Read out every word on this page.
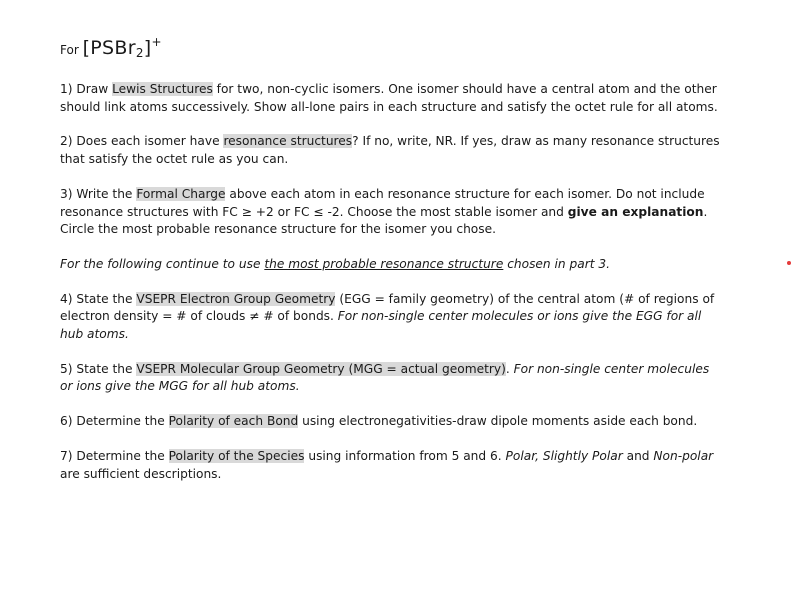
For [PSBr$_2$]+

1) Draw Lewis Structures for two, non-cyclic isomers. One isomer should have a central atom and the other should link atoms successively. Show all-lone pairs in each structure and satisfy the octet rule for all atoms.

2) Does each isomer have resonance structures? If no, write, NR. If yes, draw as many resonance structures that satisfy the octet rule as you can.

3) Write the Formal Charge above each atom in each resonance structure for each isomer. Do not include resonance structures with FC ≥ +2 or FC ≤ -2. Choose the most stable isomer and give an explanation. Circle the most probable resonance structure for the isomer you chose.

For the following continue to use the most probable resonance structure chosen in part 3.

4) State the VSEPR Electron Group Geometry (EGG = family geometry) of the central atom (# of regions of electron density = # of clouds ≠ # of bonds. For non-single center molecules or ions give the EGG for all hub atoms.

5) State the VSEPR Molecular Group Geometry (MGG = actual geometry). For non-single center molecules or ions give the MGG for all hub atoms.

6) Determine the Polarity of each Bond using electronegativities-draw dipole moments aside each bond.

7) Determine the Polarity of the Species using information from 5 and 6. Polar, Slightly Polar and Non-polar are sufficient descriptions.
